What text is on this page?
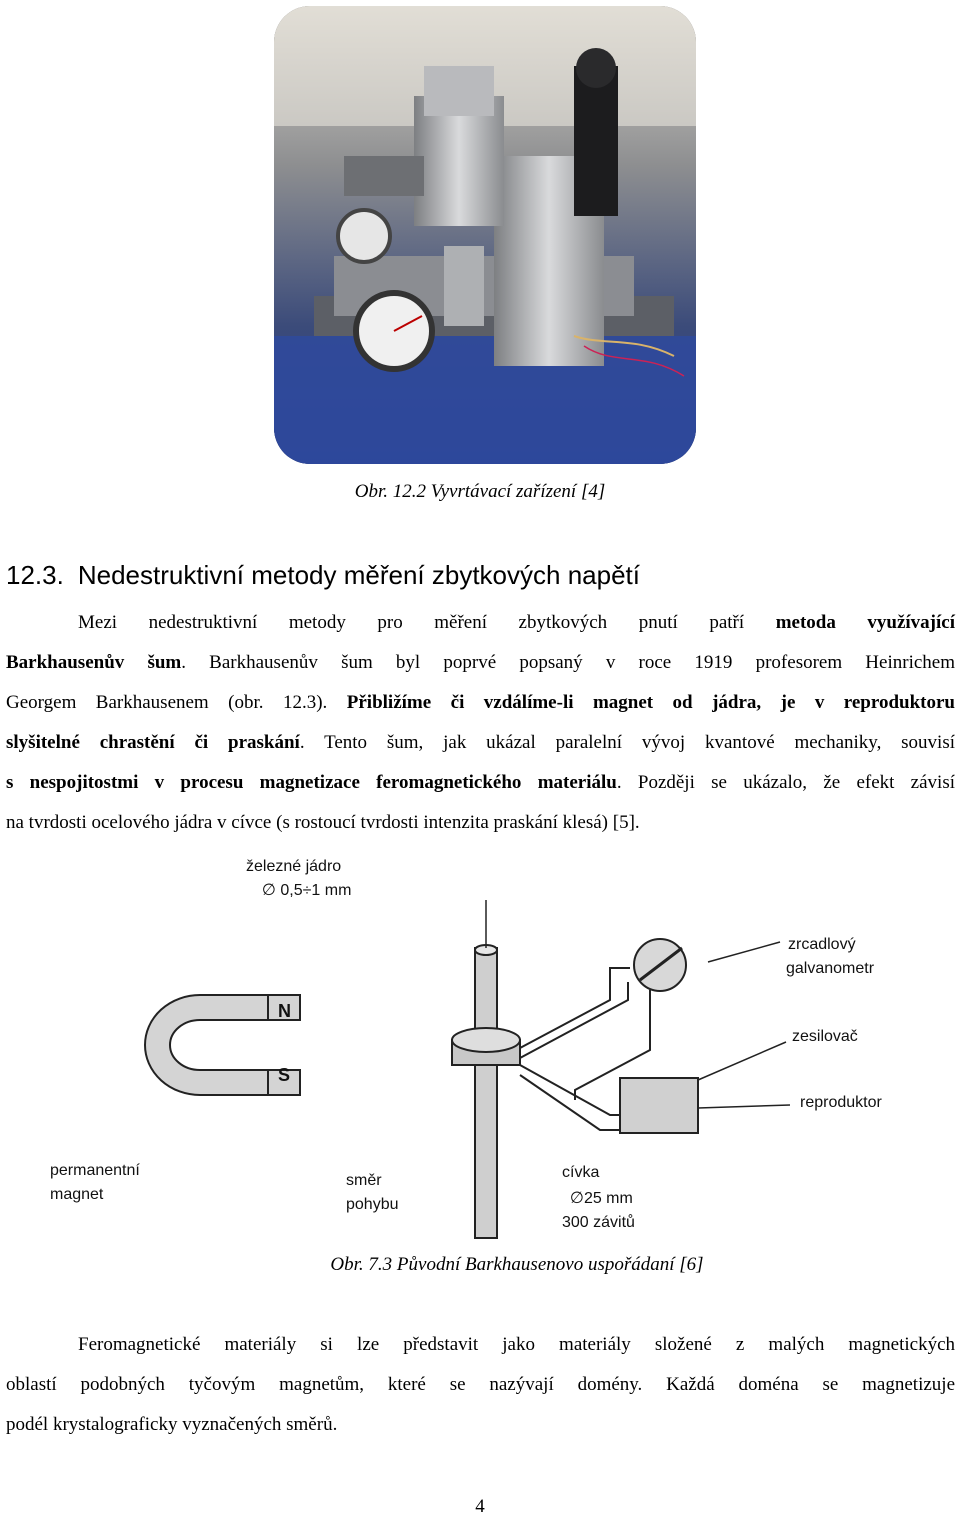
Obr. 12.2 Vyvrtávací zařízení [4]
12.3. Nedestruktivní metody měření zbytkových napětí
Mezi nedestruktivní metody pro měření zbytkových pnutí patří metoda využívající
Barkhausenův šum. Barkhausenův šum byl poprvé popsaný v roce 1919 profesorem Heinrichem
Georgem Barkhausenem (obr. 12.3). Přibližíme či vzdálíme-li magnet od jádra, je v reproduktoru
slyšitelné chrastění či praskání. Tento šum, jak ukázal paralelní vývoj kvantové mechaniky, souvisí
s nespojitostmi v procesu magnetizace feromagnetického materiálu. Později se ukázalo, že efekt závisí
na tvrdosti ocelového jádra v cívce (s rostoucí tvrdosti intenzita praskání klesá) [5].
železné jádro
∅ 0,5÷1 mm
zrcadlový
galvanometr
zesilovač
reproduktor
N
S
permanentní
magnet
směr
pohybu
cívka
∅25 mm
300 závitů
Obr. 7.3 Původní Barkhausenovo uspořádaní [6]
Feromagnetické materiály si lze představit jako materiály složené z malých magnetických
oblastí podobných tyčovým magnetům, které se nazývají domény. Každá doména se magnetizuje
podél krystalograficky vyznačených směrů.
4
